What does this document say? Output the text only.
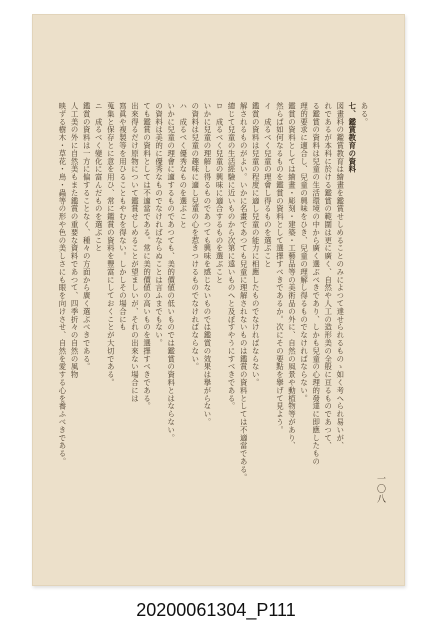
ある。
七、鑑賞教育の資料
図畫科の鑑賞教育は繪畫を鑑賞せしめることのみによつて達せられるものゝ如く考へられ易いが、
れであるが本科に於ける鑑賞の範圍は更に廣く、自然や人工の造形美の全般に亘るものであつて、
る鑑賞の資料は兒童の生活環境の中から廣く選ぶべきであり、しかも兒童の心理的發達に即應したもの
理的要求に適合し、兒童の興味をひき、兒童の理解し得るものでなければならない。
鑑賞の資料としては繪畫・彫刻・建築・工藝品等の美術品の外に、自然の風景や動植物等があり、
然らば如何なるものを鑑賞の資料として選擇すべきであるか。次にその要點を擧げて見よう。
イ　成るべく兒童の理會し得るものを選ぶこと
鑑賞の資料は兒童の程度に適し兒童の能力に相應したものでなければならない。
解されるものがよい。いかに名畫であつても兒童に理解されないものは鑑賞の資料としては不適當である。
總じて兒童の生活經驗に近いものから次第に遠いものへと及ぼすやうにすべきである。
ロ　成るべく兒童の興味に適合するものを選ぶこと
いかに兒童の理解し得るものであつても興味を感じないものでは鑑賞の效果は擧がらない。
の資料は兒童の趣味に適し兒童の心を惹きつけるものでなければならない。
ハ　成るべく優秀なものを選ぶこと
いかに兒童の理會に適するものであつても、美的價値の低いものでは鑑賞の資料とはならない。
の資料は美的に優秀なものでなければならぬことは言ふまでもない。
ても鑑賞の資料としては不適當である。常に美的價値の高いものを選擇すべきである。
出來得るだけ原物について鑑賞せしめることが望ましいが、それの出來ない場合には
寫眞や複製等を用ひることもやむを得ない。しかしその場合にも
蒐集と保存とに意を用ひ、常に鑑賞の資料を豐富にしておくことが大切である。
ニ　成るべく變化に富んだものを選ぶこと
鑑賞の資料は一方に偏することなく、種々の方面から廣く選ぶべきである。
人工美の外に自然美もまた鑑賞の重要な資料であつて、四季折々の自然の風物
映ずる樹木・草花・鳥・蟲等の形や色の美しさにも眼を向けさせ、自然を愛する心を養ふべきである。
一〇八
20200061304_P111
